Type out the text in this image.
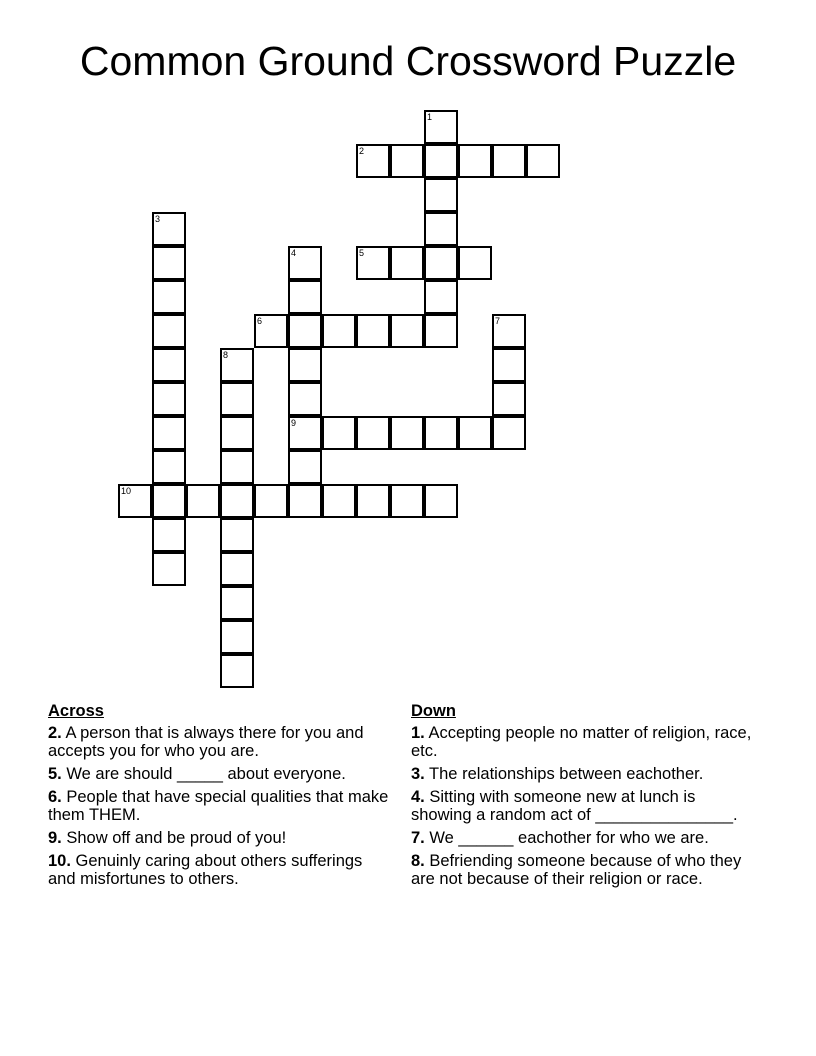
Common Ground Crossword Puzzle
1
2
3
4
9
5
6	7
8
10
Across
2. A person that is always there for you and accepts you for who you are.
5. We are should _____ about everyone.
6. People that have special qualities that make them THEM.
9. Show off and be proud of you!
10. Genuinly caring about others sufferings and misfortunes to others.
Down
1. Accepting people no matter of religion, race, etc.
3. The relationships between eachother.
4. Sitting with someone new at lunch is showing a random act of _______________.
7. We ______ eachother for who we are.
8. Befriending someone because of who they are not because of their religion or race.
